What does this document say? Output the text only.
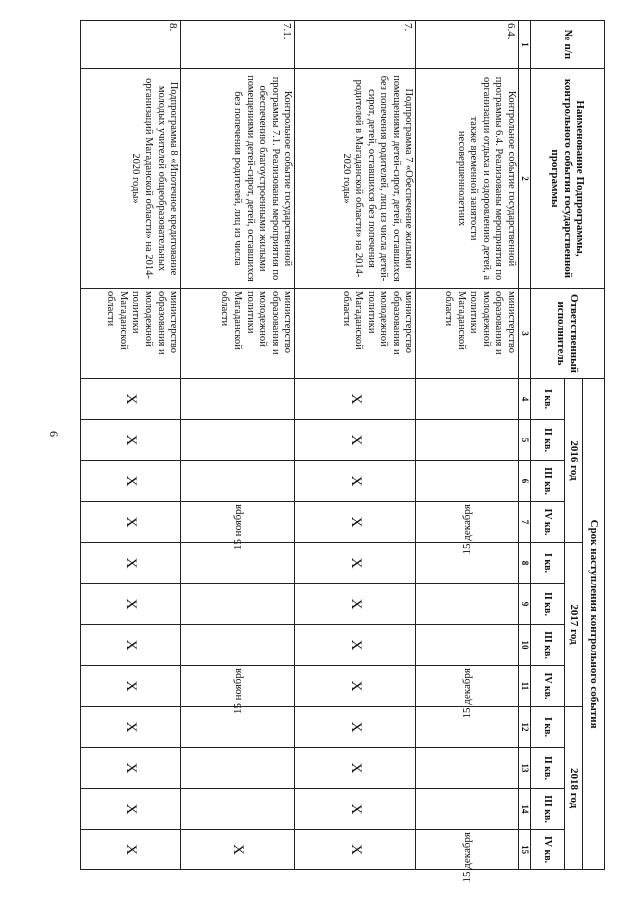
6
№ п/п	Наименование Подпрограммы, контрольного события государственной программы	Ответственный исполнитель	Срок наступления контрольного события											
			2016 год				2017 год				2018 год			
			I кв.	II кв.	III кв.	IV кв.	I кв.	II кв.	III кв.	IV кв.	I кв.	II кв.	III кв.	IV кв.
1	2	3	4	5	6	7	8	9	10	11	12	13	14	15
6.4.	Контрольное событие государственной программы 6.4. Реализованы мероприятия по организации отдыха и оздоровлению детей, а также временной занятости несовершеннолетних	министерство образования и молодежной политики Магаданской области				15 декабря				15 декабря				15 декабря
7.	Подпрограмма 7 «Обеспечение жилыми помещениями детей-сирот, детей, оставшихся без попечения родителей, лиц из числа детей-сирот, детей, оставшихся без попечения родителей в Магаданской области» на 2014-2020 годы»	министерство образования и молодежной политики Магаданской области	X	X	X	X	X	X	X	X	X	X	X	X
7.1.	Контрольное событие государственной программы 7.1. Реализованы мероприятия по обеспечению благоустроенными жилыми помещениями детей-сирот, детей, оставшихся без попечения родителей, лиц из числа	министерство образования и молодежной политики Магаданской области				15 ноября				15 ноября				X
8.	Подпрограмма 8 «Ипотечное кредитование молодых учителей общеобразовательных организаций Магаданской области» на 2014-2020 годы»	министерство образования и молодежной политики Магаданской области	X	X	X	X	X	X	X	X	X	X	X	X
